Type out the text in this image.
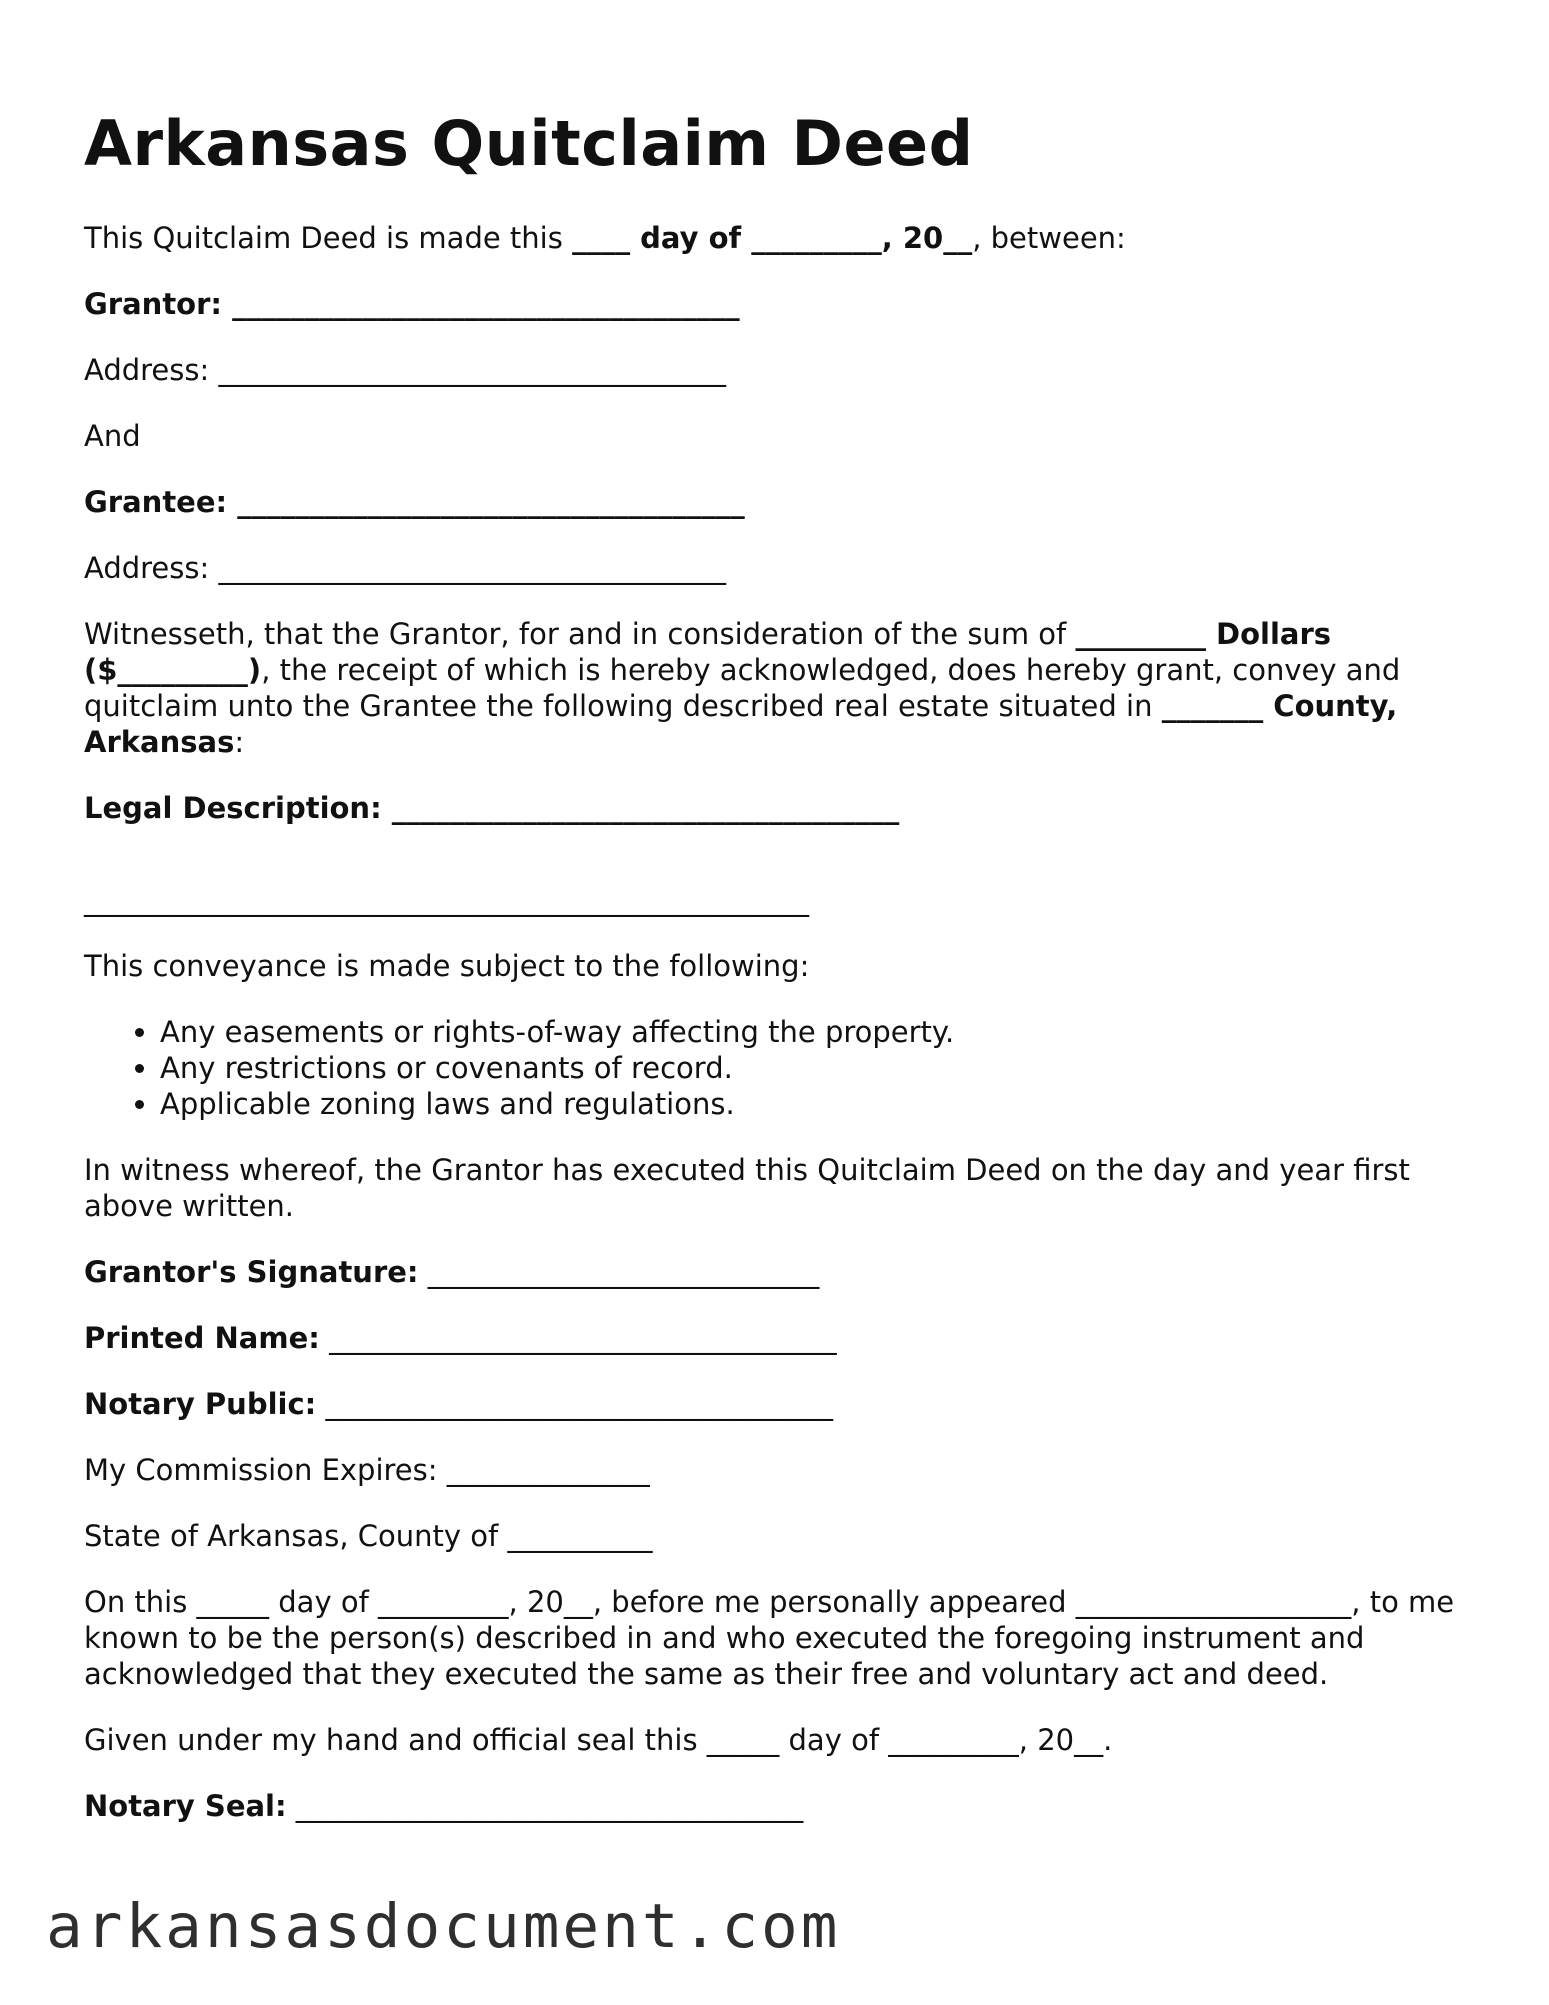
Arkansas Quitclaim Deed
This Quitclaim Deed is made this ____ day of _________, 20__, between:
Grantor: ___________________________________
Address: ___________________________________
And
Grantee: ___________________________________
Address: ___________________________________
Witnesseth, that the Grantor, for and in consideration of the sum of _________ Dollars ($_________), the receipt of which is hereby acknowledged, does hereby grant, convey and quitclaim unto the Grantee the following described real estate situated in _______ County, Arkansas:
Legal Description: ___________________________________
__________________________________________________
This conveyance is made subject to the following:
• Any easements or rights-of-way affecting the property.
• Any restrictions or covenants of record.
• Applicable zoning laws and regulations.
In witness whereof, the Grantor has executed this Quitclaim Deed on the day and year first above written.
Grantor's Signature: ___________________________
Printed Name: ___________________________________
Notary Public: ___________________________________
My Commission Expires: ______________
State of Arkansas, County of __________
On this _____ day of _________, 20__, before me personally appeared ___________________, to me known to be the person(s) described in and who executed the foregoing instrument and acknowledged that they executed the same as their free and voluntary act and deed.
Given under my hand and official seal this _____ day of _________, 20__.
Notary Seal: ___________________________________
arkansasdocument.com
